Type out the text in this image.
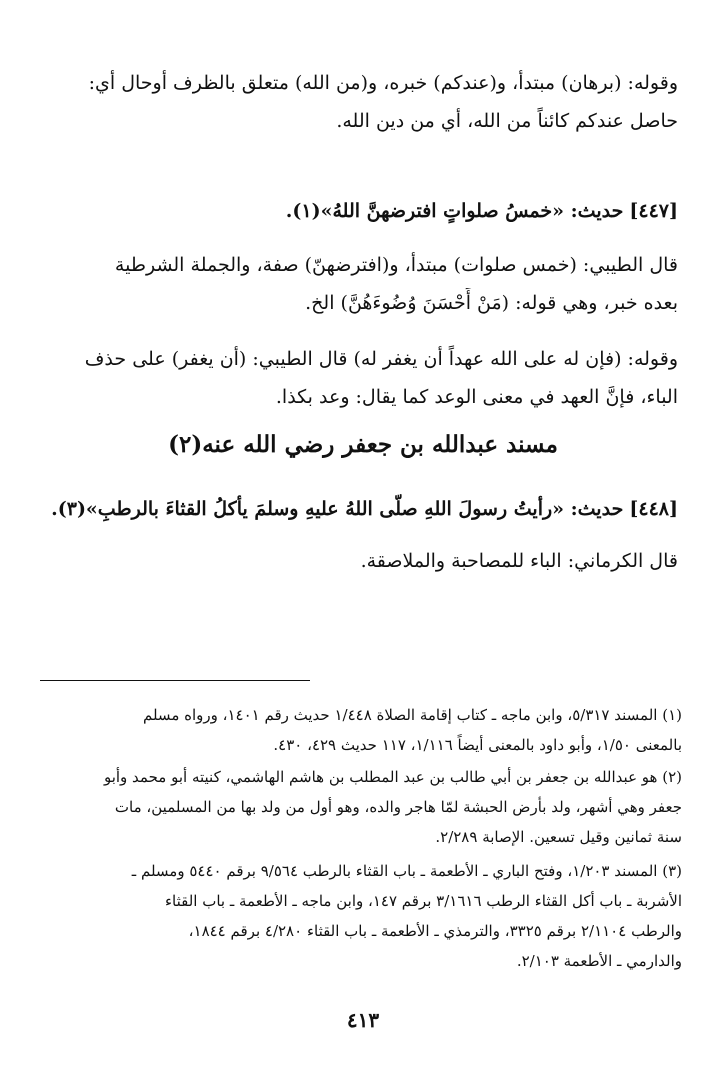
وقوله: (برهان) مبتدأ، و(عندكم) خبره، و(من الله) متعلق بالظرف أوحال أي:
حاصل عندكم كائناً من الله، أي من دين الله.
[٤٤٧] حديث: «خمسُ صلواتٍ افترضهنَّ اللهُ»(١).
قال الطيبي: (خمس صلوات) مبتدأ، و(افترضهنّ) صفة، والجملة الشرطية
بعده خبر، وهي قوله: (مَنْ أَحْسَنَ وُضُوءَهُنَّ) الخ.
وقوله: (فإن له على الله عهداً أن يغفر له) قال الطيبي: (أن يغفر) على حذف
الباء، فإنَّ العهد في معنى الوعد كما يقال: وعد بكذا.
مسند عبدالله بن جعفر رضي الله عنه(٢)
[٤٤٨] حديث: «رأيتُ رسولَ اللهِ صلّى اللهُ عليهِ وسلمَ يأكلُ القثاءَ بالرطبِ»(٣).
قال الكرماني: الباء للمصاحبة والملاصقة.
(١) المسند ٥/٣١٧، وابن ماجه ـ كتاب إقامة الصلاة ١/٤٤٨ حديث رقم ١٤٠١، ورواه مسلم
بالمعنى ١/٥٠، وأبو داود بالمعنى أيضاً ١/١١٦، ١١٧ حديث ٤٢٩، ٤٣٠.
(٢) هو عبدالله بن جعفر بن أبي طالب بن عبد المطلب بن هاشم الهاشمي، كنيته أبو محمد وأبو
جعفر وهي أشهر، ولد بأرض الحبشة لمّا هاجر والده، وهو أول من ولد بها من المسلمين، مات
سنة ثمانين وقيل تسعين. الإصابة ٢/٢٨٩.
(٣) المسند ١/٢٠٣، وفتح الباري ـ الأطعمة ـ باب القثاء بالرطب ٩/٥٦٤ برقم ٥٤٤٠ ومسلم ـ
الأشربة ـ باب أكل القثاء الرطب ٣/١٦١٦ برقم ١٤٧، وابن ماجه ـ الأطعمة ـ باب القثاء
والرطب ٢/١١٠٤ برقم ٣٣٢٥، والترمذي ـ الأطعمة ـ باب القثاء ٤/٢٨٠ برقم ١٨٤٤،
والدارمي ـ الأطعمة ٢/١٠٣.
٤١٣
